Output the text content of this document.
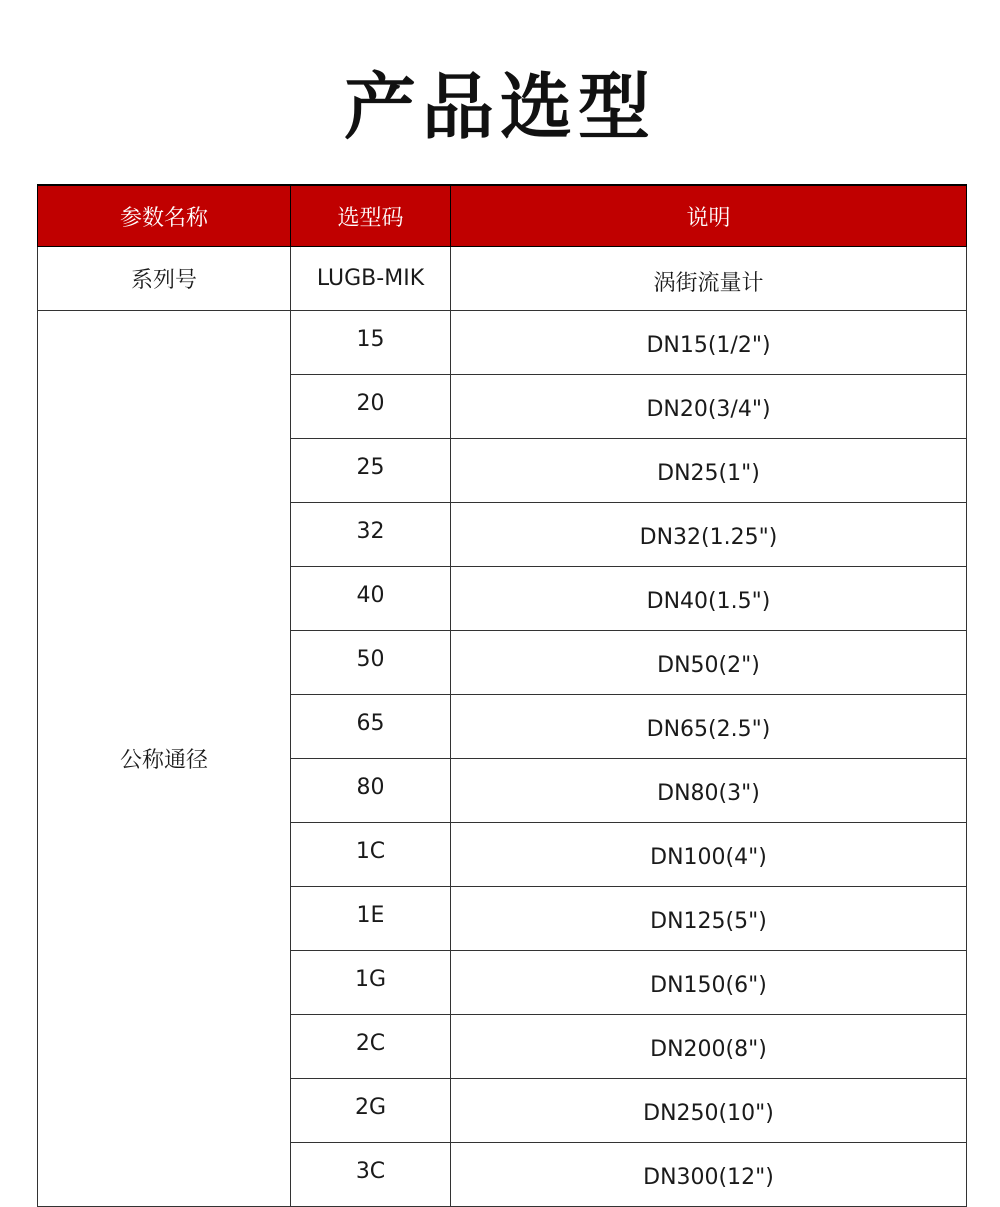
产品选型
参数名称	选型码	说明
系列号	LUGB-MIK	涡街流量计
公称通径	15	DN15(1/2")
	20	DN20(3/4")
	25	DN25(1")
	32	DN32(1.25")
	40	DN40(1.5")
	50	DN50(2")
	65	DN65(2.5")
	80	DN80(3")
	1C	DN100(4")
	1E	DN125(5")
	1G	DN150(6")
	2C	DN200(8")
	2G	DN250(10")
	3C	DN300(12")
